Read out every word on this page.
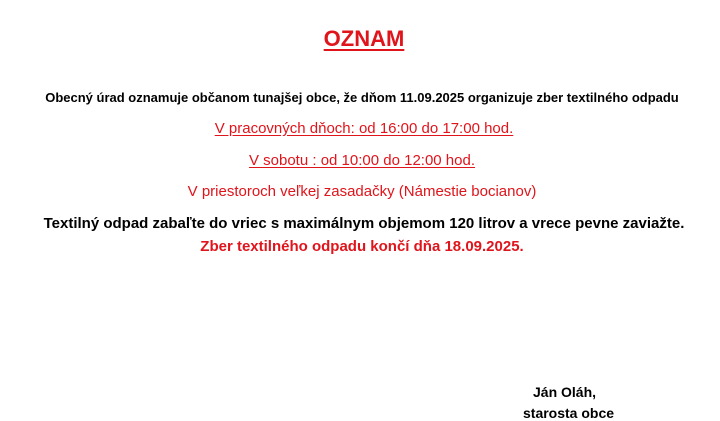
OZNAM
Obecný úrad oznamuje občanom tunajšej obce, že dňom 11.09.2025 organizuje zber textilného odpadu
V pracovných dňoch: od 16:00 do 17:00 hod.
V sobotu : od 10:00 do 12:00 hod.
V priestoroch veľkej zasadačky (Námestie bocianov)
Textilný odpad zabaľte do vriec s maximálnym objemom 120 litrov a vrece pevne zaviažte.
Zber textilného odpadu končí dňa 18.09.2025.
Ján Oláh,
starosta obce
